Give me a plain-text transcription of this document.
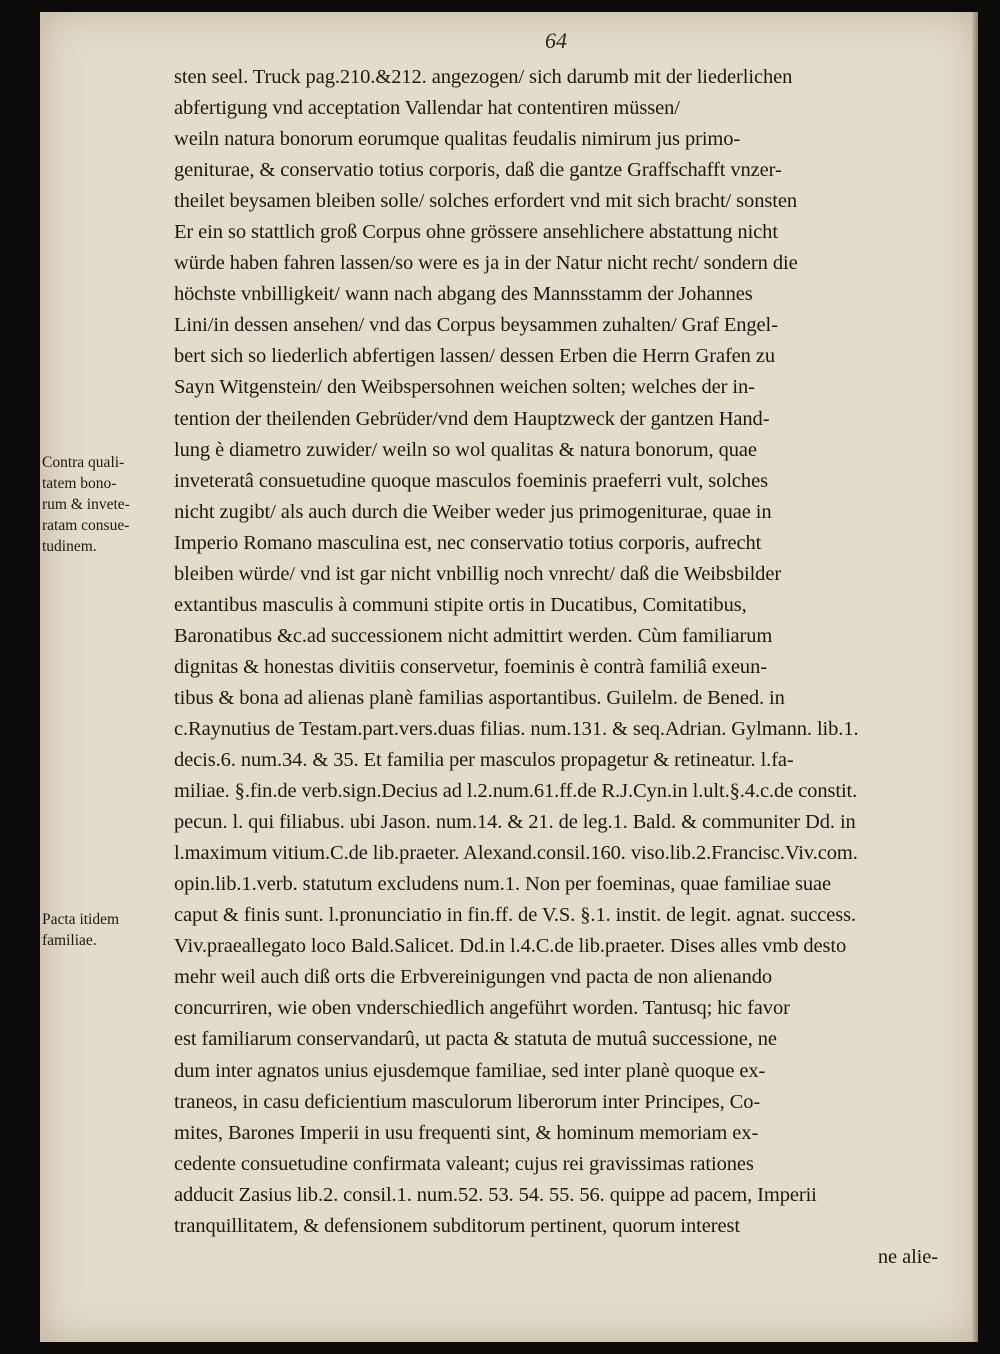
64
Contra quali-
tatem bono-
rum & invete-
ratam consue-
tudinem.
Pacta itidem
familiae.
sten seel. Truck pag.210.&212. angezogen/ sich darumb mit der liederlichen
abfertigung vnd acceptation Vallendar hat contentiren müssen/
weiln natura bonorum eorumque qualitas feudalis nimirum jus primo-
geniturae, & conservatio totius corporis, daß die gantze Graffschafft vnzer-
theilet beysamen bleiben solle/ solches erfordert vnd mit sich bracht/ sonsten
Er ein so stattlich groß Corpus ohne grössere ansehlichere abstattung nicht
würde haben fahren lassen/so were es ja in der Natur nicht recht/ sondern die
höchste vnbilligkeit/ wann nach abgang des Mannsstamm der Johannes
Lini/in dessen ansehen/ vnd das Corpus beysammen zuhalten/ Graf Engel-
bert sich so liederlich abfertigen lassen/ dessen Erben die Herrn Grafen zu
Sayn Witgenstein/ den Weibspersohnen weichen solten; welches der in-
tention der theilenden Gebrüder/vnd dem Hauptzweck der gantzen Hand-
lung è diametro zuwider/ weiln so wol qualitas & natura bonorum, quae
inveteratâ consuetudine quoque masculos foeminis praeferri vult, solches
nicht zugibt/ als auch durch die Weiber weder jus primogeniturae, quae in
Imperio Romano masculina est, nec conservatio totius corporis, aufrecht
bleiben würde/ vnd ist gar nicht vnbillig noch vnrecht/ daß die Weibsbilder
extantibus masculis à communi stipite ortis in Ducatibus, Comitatibus,
Baronatibus &c.ad successionem nicht admittirt werden. Cùm familiarum
dignitas & honestas divitiis conservetur, foeminis è contrà familiâ exeun-
tibus & bona ad alienas planè familias asportantibus. Guilelm. de Bened. in
c.Raynutius de Testam.part.vers.duas filias. num.131. & seq.Adrian. Gylmann. lib.1.
decis.6. num.34. & 35. Et familia per masculos propagetur & retineatur. l.fa-
miliae. §.fin.de verb.sign.Decius ad l.2.num.61.ff.de R.J.Cyn.in l.ult.§.4.c.de constit.
pecun. l. qui filiabus. ubi Jason. num.14. & 21. de leg.1. Bald. & communiter Dd. in
l.maximum vitium.C.de lib.praeter. Alexand.consil.160. viso.lib.2.Francisc.Viv.com.
opin.lib.1.verb. statutum excludens num.1. Non per foeminas, quae familiae suae
caput & finis sunt. l.pronunciatio in fin.ff. de V.S. §.1. instit. de legit. agnat. success.
Viv.praeallegato loco Bald.Salicet. Dd.in l.4.C.de lib.praeter. Dises alles vmb desto
mehr weil auch diß orts die Erbvereinigungen vnd pacta de non alienando
concurriren, wie oben vnderschiedlich angeführt worden. Tantusq; hic favor
est familiarum conservandarû, ut pacta & statuta de mutuâ successione, ne
dum inter agnatos unius ejusdemque familiae, sed inter planè quoque ex-
traneos, in casu deficientium masculorum liberorum inter Principes, Co-
mites, Barones Imperii in usu frequenti sint, & hominum memoriam ex-
cedente consuetudine confirmata valeant; cujus rei gravissimas rationes
adducit Zasius lib.2. consil.1. num.52. 53. 54. 55. 56. quippe ad pacem, Imperii
tranquillitatem, & defensionem subditorum pertinent, quorum interest
ne alie-
